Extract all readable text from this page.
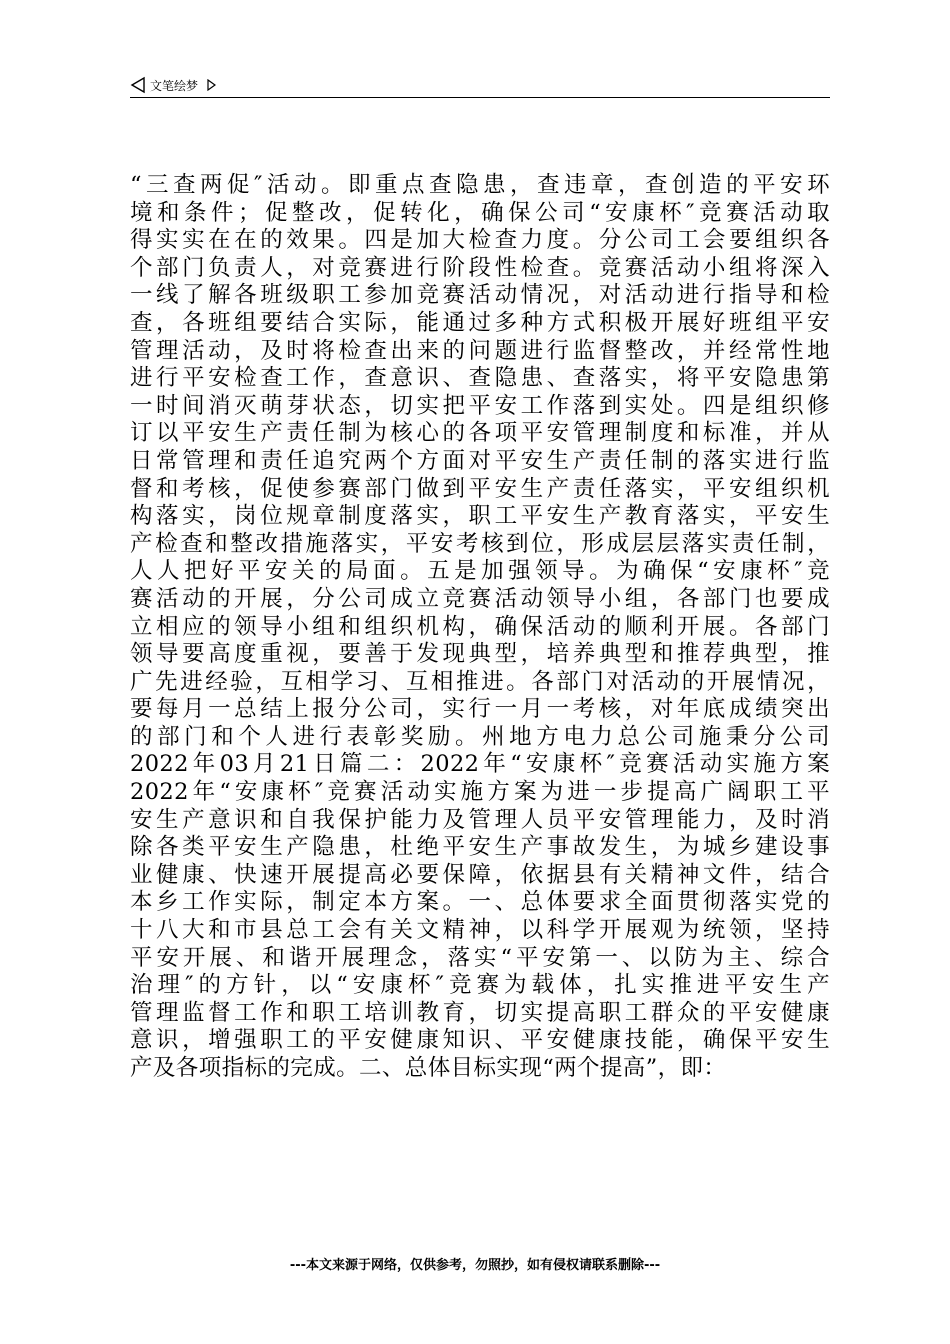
文笔绘梦
“三查两促″活动。即重点查隐患，查违章，查创造的平安环
境和条件；促整改，促转化，确保公司“安康杯″竞赛活动取
得实实在在的效果。四是加大检查力度。分公司工会要组织各
个部门负责人，对竞赛进行阶段性检查。竞赛活动小组将深入
一线了解各班级职工参加竞赛活动情况，对活动进行指导和检
查，各班组要结合实际，能通过多种方式积极开展好班组平安
管理活动，及时将检查出来的问题进行监督整改，并经常性地
进行平安检查工作，查意识、查隐患、查落实，将平安隐患第
一时间消灭萌芽状态，切实把平安工作落到实处。四是组织修
订以平安生产责任制为核心的各项平安管理制度和标准，并从
日常管理和责任追究两个方面对平安生产责任制的落实进行监
督和考核，促使参赛部门做到平安生产责任落实，平安组织机
构落实，岗位规章制度落实，职工平安生产教育落实，平安生
产检查和整改措施落实，平安考核到位，形成层层落实责任制，
人人把好平安关的局面。五是加强领导。为确保“安康杯″竞
赛活动的开展，分公司成立竞赛活动领导小组，各部门也要成
立相应的领导小组和组织机构，确保活动的顺利开展。各部门
领导要高度重视，要善于发现典型，培养典型和推荐典型，推
广先进经验，互相学习、互相推进。各部门对活动的开展情况，
要每月一总结上报分公司，实行一月一考核，对年底成绩突出
的部门和个人进行表彰奖励。州地方电力总公司施秉分公司
2022年03月21日篇二：2022年“安康杯″竞赛活动实施方案
2022年“安康杯″竞赛活动实施方案为进一步提高广阔职工平
安生产意识和自我保护能力及管理人员平安管理能力，及时消
除各类平安生产隐患，杜绝平安生产事故发生，为城乡建设事
业健康、快速开展提高必要保障，依据县有关精神文件，结合
本乡工作实际，制定本方案。一、总体要求全面贯彻落实党的
十八大和市县总工会有关文精神，以科学开展观为统领，坚持
平安开展、和谐开展理念，落实“平安第一、以防为主、综合
治理″的方针，以“安康杯″竞赛为载体，扎实推进平安生产
管理监督工作和职工培训教育，切实提高职工群众的平安健康
意识，增强职工的平安健康知识、平安健康技能，确保平安生
产及各项指标的完成。二、总体目标实现“两个提高”，即：
---本文来源于网络，仅供参考，勿照抄，如有侵权请联系删除---
